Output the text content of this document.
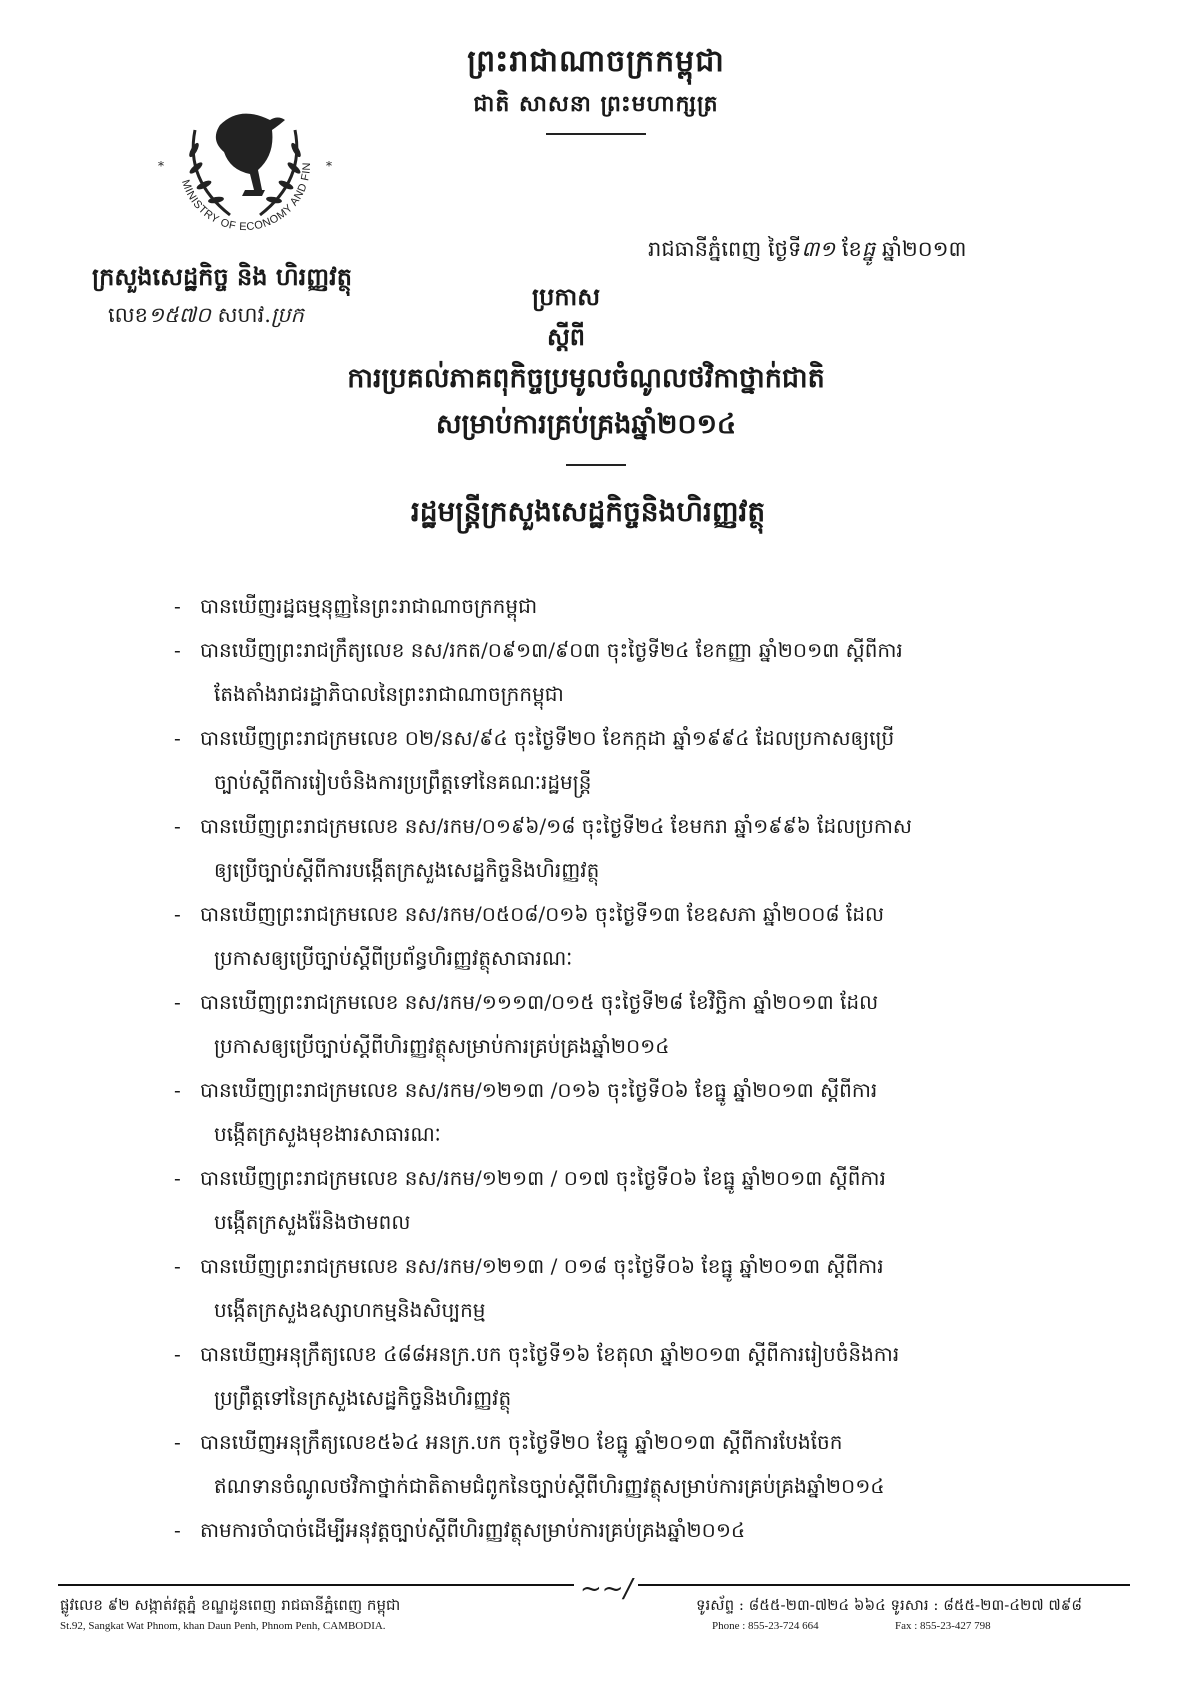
MINISTRY OF ECONOMY AND FIN
*	*
ព្រះរាជាណាចក្រកម្ពុជា
ជាតិ សាសនា ព្រះមហាក្សត្រ
ក្រសួងសេដ្ឋកិច្ច និង ហិរញ្ញវត្ថុ
លេខ១៥៧០ សហវ.ប្រក
រាជធានីភ្នំពេញ ថ្ងៃទី៣១ ខែធ្នូ ឆ្នាំ២០១៣
ប្រកាស
ស្តីពី
ការប្រគល់ភាគពុកិច្ចប្រមូលចំណូលថវិកាថ្នាក់ជាតិ
សម្រាប់ការគ្រប់គ្រងឆ្នាំ២០១៤
រដ្ឋមន្ត្រីក្រសួងសេដ្ឋកិច្ចនិងហិរញ្ញវត្ថុ
- បានឃើញរដ្ឋធម្មនុញ្ញនៃព្រះរាជាណាចក្រកម្ពុជា
- បានឃើញព្រះរាជក្រឹត្យលេខ នស/រកត/០៩១៣/៩០៣ ចុះថ្ងៃទី២៤ ខែកញ្ញា ឆ្នាំ២០១៣ ស្តីពីការ
តែងតាំងរាជរដ្ឋាភិបាលនៃព្រះរាជាណាចក្រកម្ពុជា
- បានឃើញព្រះរាជក្រមលេខ ០២/នស/៩៤ ចុះថ្ងៃទី២០ ខែកក្កដា ឆ្នាំ១៩៩៤ ដែលប្រកាសឲ្យប្រើ
ច្បាប់ស្តីពីការរៀបចំនិងការប្រព្រឹត្តទៅនៃគណៈរដ្ឋមន្ត្រី
- បានឃើញព្រះរាជក្រមលេខ នស/រកម/០១៩៦/១៨ ចុះថ្ងៃទី២៤ ខែមករា ឆ្នាំ១៩៩៦ ដែលប្រកាស
ឲ្យប្រើច្បាប់ស្តីពីការបង្កើតក្រសួងសេដ្ឋកិច្ចនិងហិរញ្ញវត្ថុ
- បានឃើញព្រះរាជក្រមលេខ នស/រកម/០៥០៨/០១៦ ចុះថ្ងៃទី១៣ ខែឧសភា ឆ្នាំ២០០៨ ដែល
ប្រកាសឲ្យប្រើច្បាប់ស្តីពីប្រព័ន្ធហិរញ្ញវត្ថុសាធារណៈ
- បានឃើញព្រះរាជក្រមលេខ នស/រកម/១១១៣/០១៥ ចុះថ្ងៃទី២៨ ខែវិច្ឆិកា ឆ្នាំ២០១៣ ដែល
ប្រកាសឲ្យប្រើច្បាប់ស្តីពីហិរញ្ញវត្ថុសម្រាប់ការគ្រប់គ្រងឆ្នាំ២០១៤
- បានឃើញព្រះរាជក្រមលេខ នស/រកម/១២១៣ /០១៦ ចុះថ្ងៃទី០៦ ខែធ្នូ ឆ្នាំ២០១៣ ស្តីពីការ
បង្កើតក្រសួងមុខងារសាធារណៈ
- បានឃើញព្រះរាជក្រមលេខ នស/រកម/១២១៣ / ០១៧ ចុះថ្ងៃទី០៦ ខែធ្នូ ឆ្នាំ២០១៣ ស្តីពីការ
បង្កើតក្រសួងរ៉ែនិងថាមពល
- បានឃើញព្រះរាជក្រមលេខ នស/រកម/១២១៣ / ០១៨ ចុះថ្ងៃទី០៦ ខែធ្នូ ឆ្នាំ២០១៣ ស្តីពីការ
បង្កើតក្រសួងឧស្សាហកម្មនិងសិប្បកម្ម
- បានឃើញអនុក្រឹត្យលេខ ៤៨៨អនក្រ.បក ចុះថ្ងៃទី១៦ ខែតុលា ឆ្នាំ២០១៣ ស្តីពីការរៀបចំនិងការ
ប្រព្រឹត្តទៅនៃក្រសួងសេដ្ឋកិច្ចនិងហិរញ្ញវត្ថុ
- បានឃើញអនុក្រឹត្យលេខ៥៦៤ អនក្រ.បក ចុះថ្ងៃទី២០ ខែធ្នូ ឆ្នាំ២០១៣ ស្តីពីការបែងចែក
ឥណទានចំណូលថវិកាថ្នាក់ជាតិតាមជំពូកនៃច្បាប់ស្តីពីហិរញ្ញវត្ថុសម្រាប់ការគ្រប់គ្រងឆ្នាំ២០១៤
- តាមការចាំបាច់ដើម្បីអនុវត្តច្បាប់ស្តីពីហិរញ្ញវត្ថុសម្រាប់ការគ្រប់គ្រងឆ្នាំ២០១៤
~~/
ផ្លូវលេខ ៩២ សង្កាត់វត្តភ្នំ ខណ្ឌដូនពេញ រាជធានីភ្នំពេញ កម្ពុជា
St.92, Sangkat Wat Phnom, khan Daun Penh, Phnom Penh, CAMBODIA.
ទូរស័ព្ទ : ៨៥៥-២៣-៧២៤ ៦៦៤ ទូរសារ : ៨៥៥-២៣-៤២៧ ៧៩៨
Phone : 855-23-724 664	Fax : 855-23-427 798
